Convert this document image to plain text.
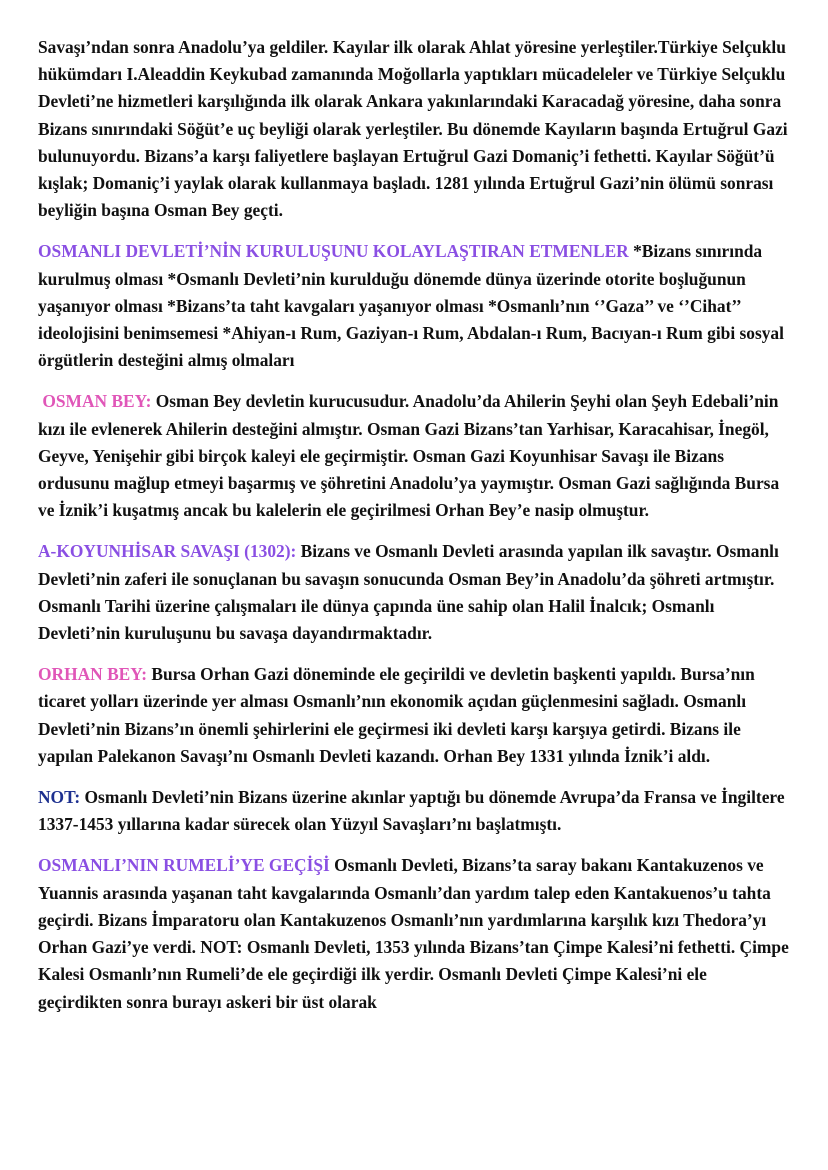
Savaşı’ndan sonra Anadolu’ya geldiler. Kayılar ilk olarak Ahlat yöresine yerleştiler.Türkiye Selçuklu hükümdarı I.Aleaddin Keykubad zamanında Moğollarla yaptıkları mücadeleler ve Türkiye Selçuklu Devleti’ne hizmetleri karşılığında ilk olarak Ankara yakınlarındaki Karacadağ yöresine, daha sonra Bizans sınırındaki Söğüt’e uç beyliği olarak yerleştiler. Bu dönemde Kayıların başında Ertuğrul Gazi bulunuyordu. Bizans’a karşı faliyetlere başlayan Ertuğrul Gazi Domaniç’i fethetti. Kayılar Söğüt’ü kışlak; Domaniç’i yaylak olarak kullanmaya başladı. 1281 yılında Ertuğrul Gazi’nin ölümü sonrası beyliğin başına Osman Bey geçti.

OSMANLI DEVLETİ’NİN KURULUŞUNU KOLAYLAŞTIRAN ETMENLER *Bizans sınırında kurulmuş olması *Osmanlı Devleti’nin kurulduğu dönemde dünya üzerinde otorite boşluğunun yaşanıyor olması *Bizans’ta taht kavgaları yaşanıyor olması *Osmanlı’nın ‘’Gaza’’ ve ‘’Cihat’’ ideolojisini benimsemesi *Ahiyan-ı Rum, Gaziyan-ı Rum, Abdalan-ı Rum, Bacıyan-ı Rum gibi sosyal örgütlerin desteğini almış olmaları

OSMAN BEY: Osman Bey devletin kurucusudur. Anadolu’da Ahilerin Şeyhi olan Şeyh Edebali’nin kızı ile evlenerek Ahilerin desteğini almıştır. Osman Gazi Bizans’tan Yarhisar, Karacahisar, İnegöl, Geyve, Yenişehir gibi birçok kaleyi ele geçirmiştir. Osman Gazi Koyunhisar Savaşı ile Bizans ordusunu mağlup etmeyi başarmış ve şöhretini Anadolu’ya yaymıştır. Osman Gazi sağlığında Bursa ve İznik’i kuşatmış ancak bu kalelerin ele geçirilmesi Orhan Bey’e nasip olmuştur.

A-KOYUNHİSAR SAVAŞI (1302): Bizans ve Osmanlı Devleti arasında yapılan ilk savaştır. Osmanlı Devleti’nin zaferi ile sonuçlanan bu savaşın sonucunda Osman Bey’in Anadolu’da şöhreti artmıştır. Osmanlı Tarihi üzerine çalışmaları ile dünya çapında üne sahip olan Halil İnalcık; Osmanlı Devleti’nin kuruluşunu bu savaşa dayandırmaktadır.

ORHAN BEY: Bursa Orhan Gazi döneminde ele geçirildi ve devletin başkenti yapıldı. Bursa’nın ticaret yolları üzerinde yer alması Osmanlı’nın ekonomik açıdan güçlenmesini sağladı. Osmanlı Devleti’nin Bizans’ın önemli şehirlerini ele geçirmesi iki devleti karşı karşıya getirdi. Bizans ile yapılan Palekanon Savaşı’nı Osmanlı Devleti kazandı. Orhan Bey 1331 yılında İznik’i aldı.

NOT: Osmanlı Devleti’nin Bizans üzerine akınlar yaptığı bu dönemde Avrupa’da Fransa ve İngiltere 1337-1453 yıllarına kadar sürecek olan Yüzyıl Savaşları’nı başlatmıştı.

OSMANLI’NIN RUMELİ’YE GEÇİŞİ Osmanlı Devleti, Bizans’ta saray bakanı Kantakuzenos ve Yuannis arasında yaşanan taht kavgalarında Osmanlı’dan yardım talep eden Kantakuenos’u tahta geçirdi. Bizans İmparatoru olan Kantakuzenos Osmanlı’nın yardımlarına karşılık kızı Thedora’yı Orhan Gazi’ye verdi. NOT: Osmanlı Devleti, 1353 yılında Bizans’tan Çimpe Kalesi’ni fethetti. Çimpe Kalesi Osmanlı’nın Rumeli’de ele geçirdiği ilk yerdir. Osmanlı Devleti Çimpe Kalesi’ni ele geçirdikten sonra burayı askeri bir üst olarak
